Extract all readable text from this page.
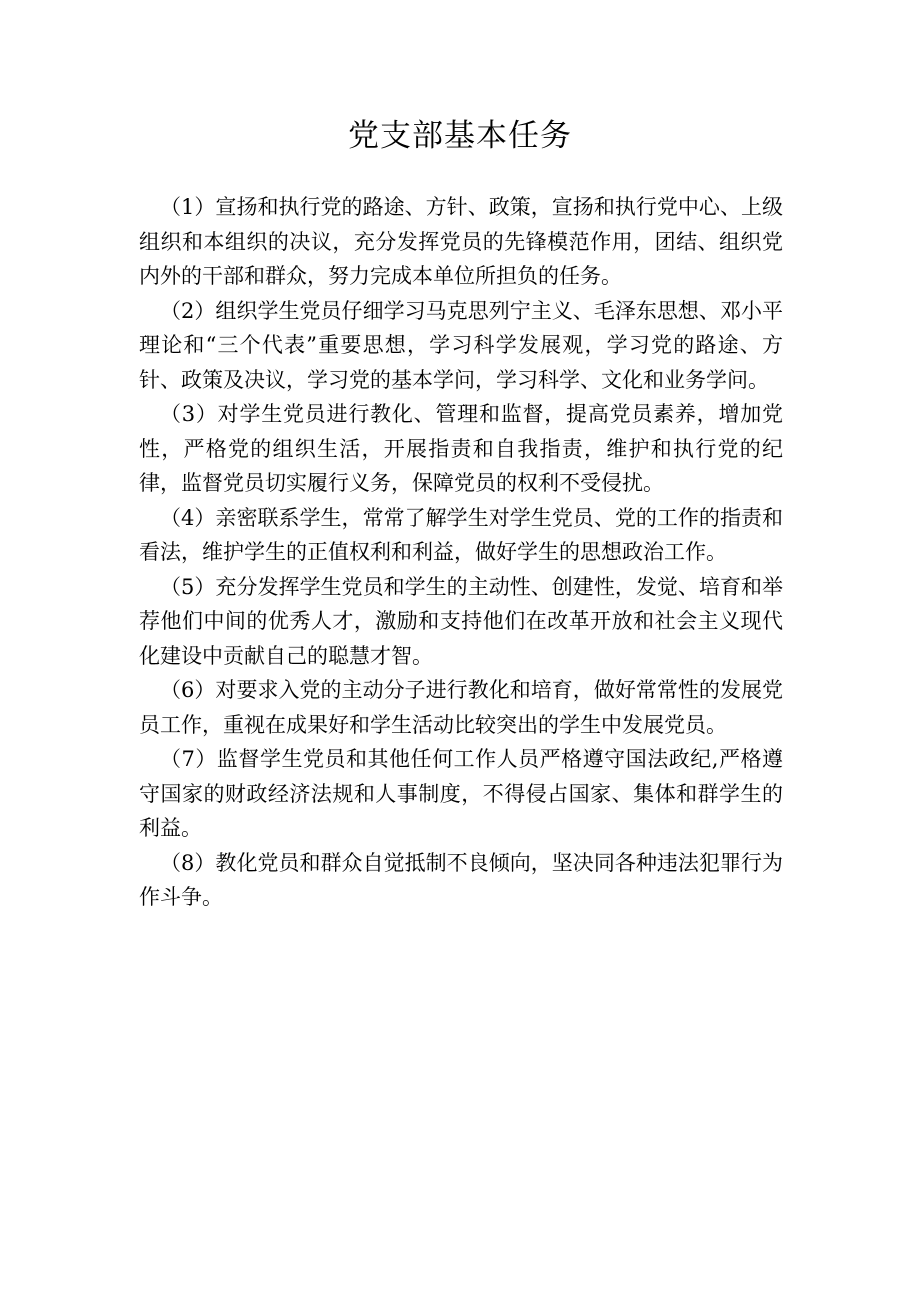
党支部基本任务

（1）宣扬和执行党的路途、方针、政策，宣扬和执行党中心、上级组织和本组织的决议，充分发挥党员的先锋模范作用，团结、组织党内外的干部和群众，努力完成本单位所担负的任务。

（2）组织学生党员仔细学习马克思列宁主义、毛泽东思想、邓小平理论和“三个代表”重要思想，学习科学发展观，学习党的路途、方针、政策及决议，学习党的基本学问，学习科学、文化和业务学问。

（3）对学生党员进行教化、管理和监督，提高党员素养，增加党性，严格党的组织生活，开展指责和自我指责，维护和执行党的纪律，监督党员切实履行义务，保障党员的权利不受侵扰。

（4）亲密联系学生，常常了解学生对学生党员、党的工作的指责和看法，维护学生的正值权利和利益，做好学生的思想政治工作。

（5）充分发挥学生党员和学生的主动性、创建性，发觉、培育和举荐他们中间的优秀人才，激励和支持他们在改革开放和社会主义现代化建设中贡献自己的聪慧才智。

（6）对要求入党的主动分子进行教化和培育，做好常常性的发展党员工作，重视在成果好和学生活动比较突出的学生中发展党员。

（7）监督学生党员和其他任何工作人员严格遵守国法政纪,严格遵守国家的财政经济法规和人事制度，不得侵占国家、集体和群学生的利益。

（8）教化党员和群众自觉抵制不良倾向，坚决同各种违法犯罪行为作斗争。
